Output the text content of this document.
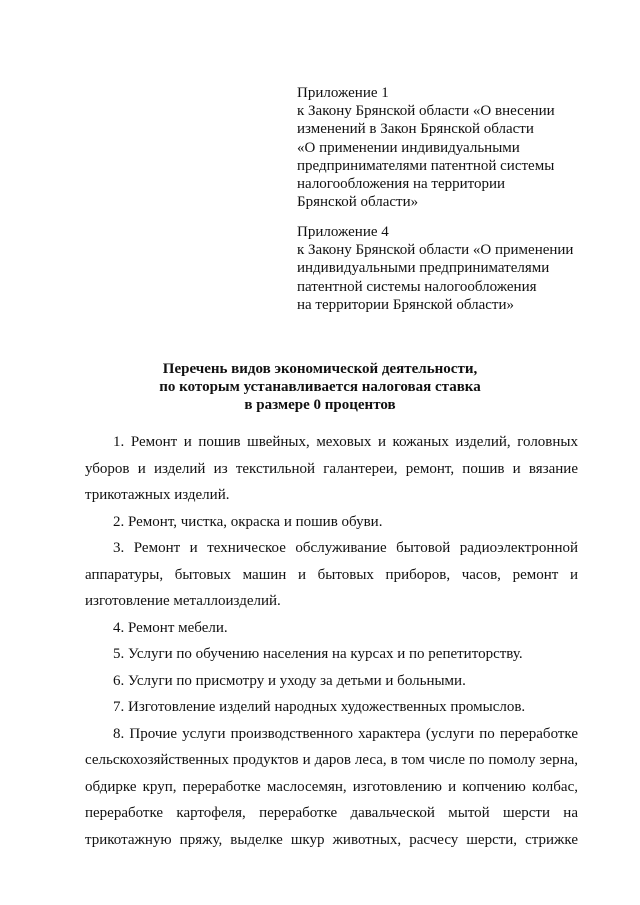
Приложение 1
к Закону Брянской области «О внесении
изменений в Закон Брянской области
«О применении индивидуальными
предпринимателями патентной системы
налогообложения на территории
Брянской области»
Приложение 4
к Закону Брянской области «О применении
индивидуальными предпринимателями
патентной системы налогообложения
на территории Брянской области»
Перечень видов экономической деятельности,
по которым устанавливается налоговая ставка
в размере 0 процентов

1. Ремонт и пошив швейных, меховых и кожаных изделий, головных уборов и изделий из текстильной галантереи, ремонт, пошив и вязание трикотажных изделий.

2. Ремонт, чистка, окраска и пошив обуви.

3. Ремонт и техническое обслуживание бытовой радиоэлектронной аппаратуры, бытовых машин и бытовых приборов, часов, ремонт и изготовление металлоизделий.

4. Ремонт мебели.

5. Услуги по обучению населения на курсах и по репетиторству.

6. Услуги по присмотру и уходу за детьми и больными.

7. Изготовление изделий народных художественных промыслов.

8. Прочие услуги производственного характера (услуги по переработке сельскохозяйственных продуктов и даров леса, в том числе по помолу зерна, обдирке круп, переработке маслосемян, изготовлению и копчению колбас, переработке картофеля, переработке давальческой мытой шерсти на трикотажную пряжу, выделке шкур животных, расчесу шерсти, стрижке
